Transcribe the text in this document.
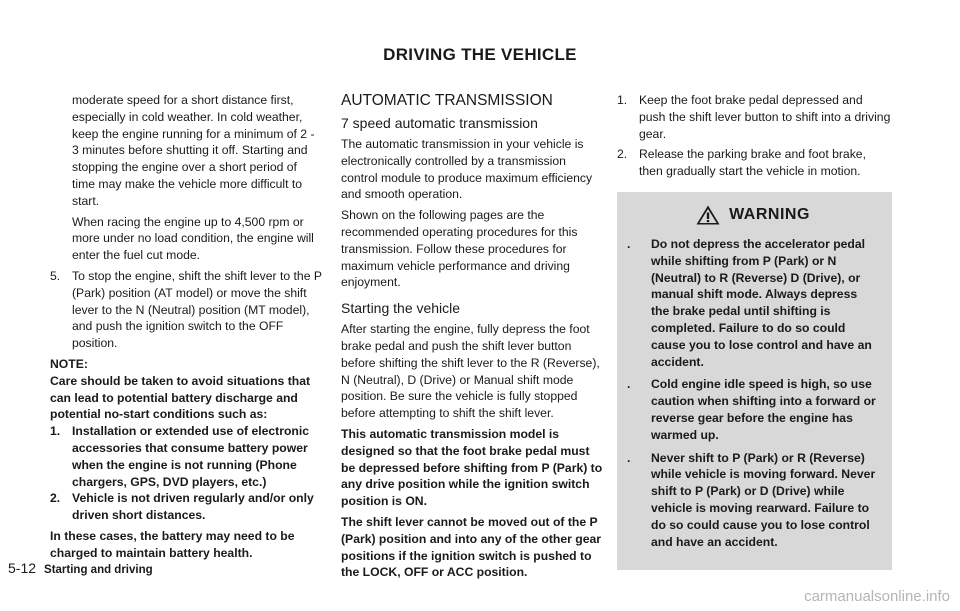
DRIVING THE VEHICLE

moderate speed for a short distance first, especially in cold weather. In cold weather, keep the engine running for a minimum of 2 - 3 minutes before shutting it off. Starting and stopping the engine over a short period of time may make the vehicle more difficult to start.

When racing the engine up to 4,500 rpm or more under no load condition, the engine will enter the fuel cut mode.

5. To stop the engine, shift the shift lever to the P (Park) position (AT model) or move the shift lever to the N (Neutral) position (MT model), and push the ignition switch to the OFF position.

NOTE:

Care should be taken to avoid situations that can lead to potential battery discharge and potential no-start conditions such as:

1. Installation or extended use of electronic accessories that consume battery power when the engine is not running (Phone chargers, GPS, DVD players, etc.)
2. Vehicle is not driven regularly and/or only driven short distances.

In these cases, the battery may need to be charged to maintain battery health.

AUTOMATIC TRANSMISSION
7 speed automatic transmission

The automatic transmission in your vehicle is electronically controlled by a transmission control module to produce maximum efficiency and smooth operation.

Shown on the following pages are the recommended operating procedures for this transmission. Follow these procedures for maximum vehicle performance and driving enjoyment.

Starting the vehicle

After starting the engine, fully depress the foot brake pedal and push the shift lever button before shifting the shift lever to the R (Reverse), N (Neutral), D (Drive) or Manual shift mode position. Be sure the vehicle is fully stopped before attempting to shift the shift lever.

This automatic transmission model is designed so that the foot brake pedal must be depressed before shifting from P (Park) to any drive position while the ignition switch position is ON.

The shift lever cannot be moved out of the P (Park) position and into any of the other gear positions if the ignition switch is pushed to the LOCK, OFF or ACC position.

1. Keep the foot brake pedal depressed and push the shift lever button to shift into a driving gear.
2. Release the parking brake and foot brake, then gradually start the vehicle in motion.
WARNING
.	Do not depress the accelerator pedal while shifting from P (Park) or N (Neutral) to R (Reverse) D (Drive), or manual shift mode. Always depress the brake pedal until shifting is completed. Failure to do so could cause you to lose control and have an accident.
.	Cold engine idle speed is high, so use caution when shifting into a forward or reverse gear before the engine has warmed up.
.	Never shift to P (Park) or R (Reverse) while vehicle is moving forward. Never shift to P (Park) or D (Drive) while vehicle is moving rearward. Failure to do so could cause you to lose control and have an accident.
5-12 Starting and driving
carmanualsonline.info
